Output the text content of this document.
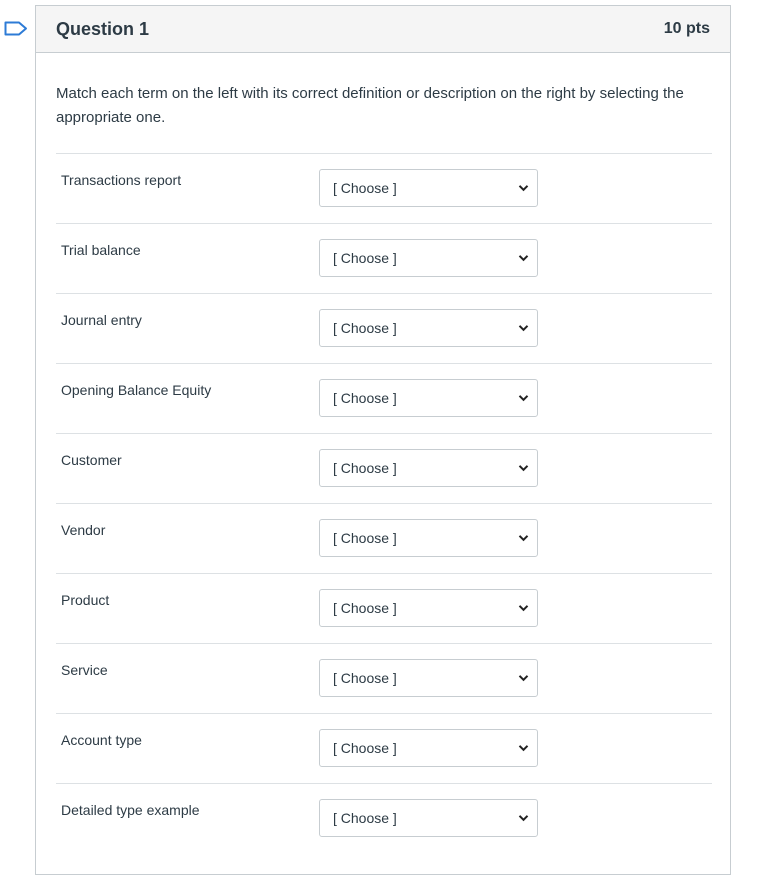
Question 1	10 pts
Match each term on the left with its correct definition or description on the right by selecting the appropriate one.
Transactions report	[ Choose ]
Trial balance	[ Choose ]
Journal entry	[ Choose ]
Opening Balance Equity	[ Choose ]
Customer	[ Choose ]
Vendor	[ Choose ]
Product	[ Choose ]
Service	[ Choose ]
Account type	[ Choose ]
Detailed type example	[ Choose ]
